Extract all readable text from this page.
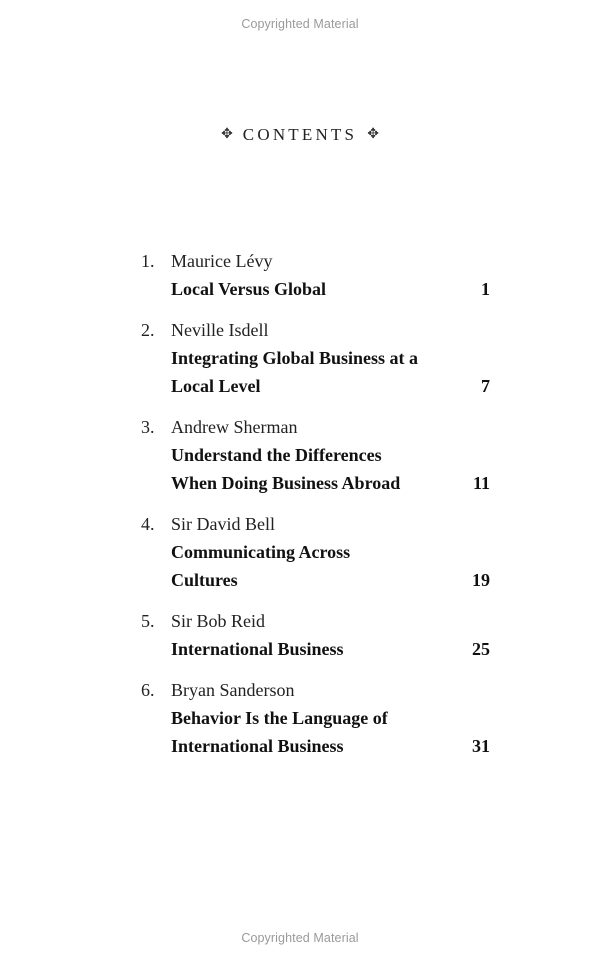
Copyrighted Material
✥ CONTENTS ✥
1. Maurice Lévy
Local Versus Global	1
2. Neville Isdell
Integrating Global Business at a
Local Level	7
3. Andrew Sherman
Understand the Differences
When Doing Business Abroad	11
4. Sir David Bell
Communicating Across
Cultures	19
5. Sir Bob Reid
International Business	25
6. Bryan Sanderson
Behavior Is the Language of
International Business	31
Copyrighted Material
